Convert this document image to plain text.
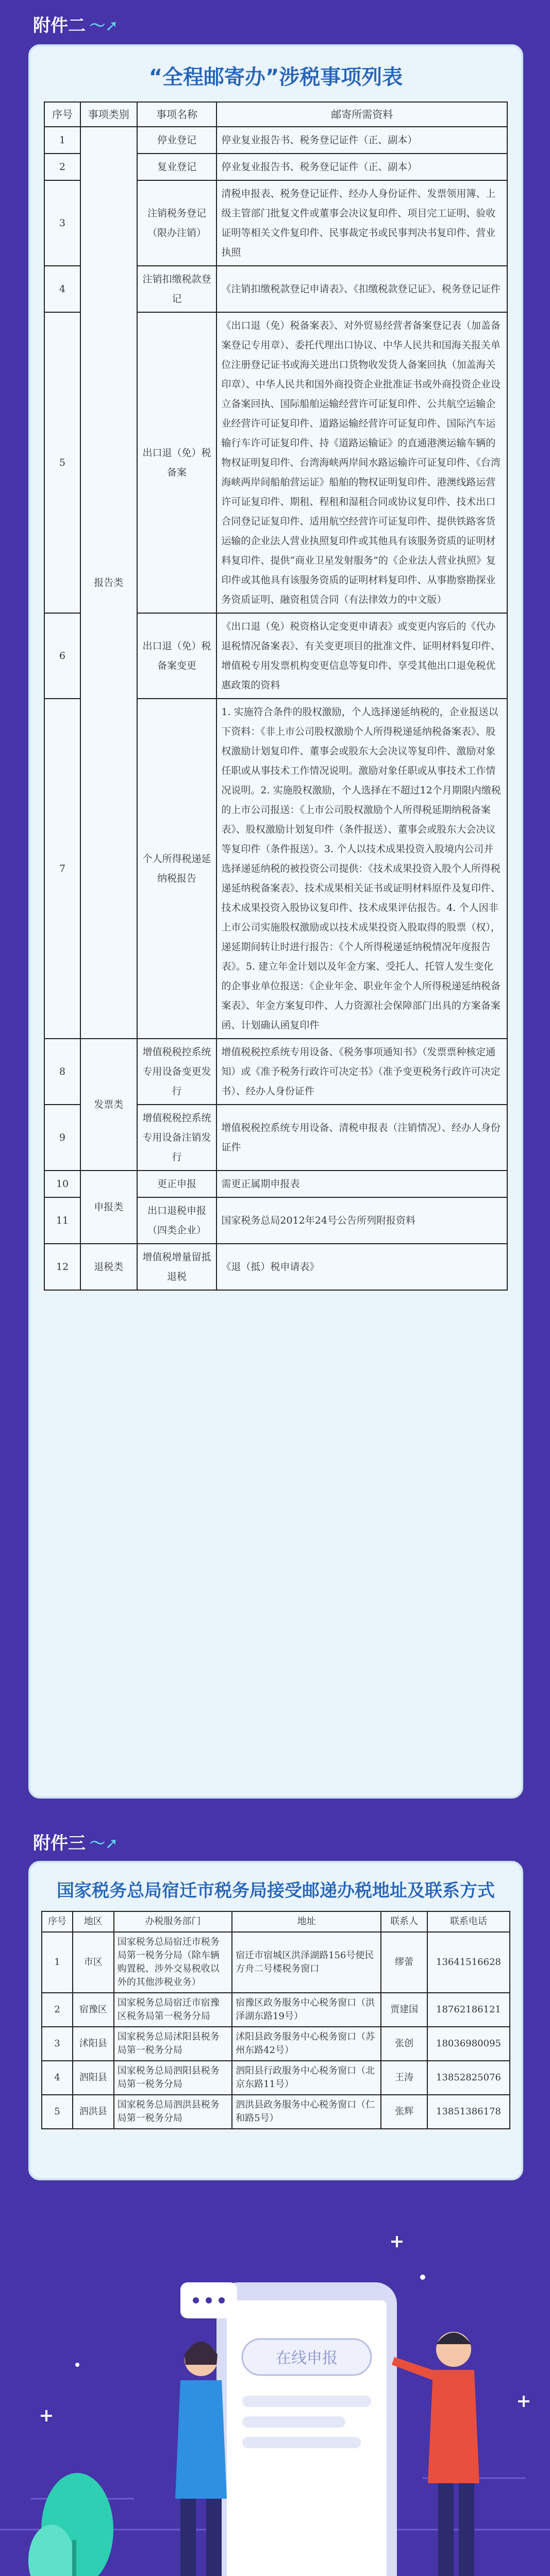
附件二 〜➚
“全程邮寄办”涉税事项列表
序号	事项类别	事项名称	邮寄所需资料
1	报告类	停业登记	停业复业报告书、税务登记证件（正、副本）
2		复业登记	停业复业报告书、税务登记证件（正、副本）
3		注销税务登记（限办注销）	清税申报表、税务登记证件、经办人身份证件、发票领用簿、上级主管部门批复文件或董事会决议复印件、项目完工证明、验收证明等相关文件复印件、民事裁定书或民事判决书复印件、营业执照
4		注销扣缴税款登记	《注销扣缴税款登记申请表》、《扣缴税款登记证》、税务登记证件
5		出口退（免）税备案	《出口退（免）税备案表》、对外贸易经营者备案登记表（加盖备案登记专用章）、委托代理出口协议、中华人民共和国海关报关单位注册登记证书或海关进出口货物收发货人备案回执（加盖海关印章）、中华人民共和国外商投资企业批准证书或外商投资企业设立备案回执、国际船舶运输经营许可证复印件、公共航空运输企业经营许可证复印件、道路运输经营许可证复印件、国际汽车运输行车许可证复印件、持《道路运输证》的直通港澳运输车辆的物权证明复印件、台湾海峡两岸间水路运输许可证复印件、《台湾海峡两岸间船舶营运证》船舶的物权证明复印件、港澳线路运营许可证复印件、期租、程租和湿租合同或协议复印件、技术出口合同登记证复印件、适用航空经营许可证复印件、提供铁路客货运输的企业法人营业执照复印件或其他具有该服务资质的证明材料复印件、提供“商业卫星发射服务”的《企业法人营业执照》复印件或其他具有该服务资质的证明材料复印件、从事勘察勘探业务资质证明、融资租赁合同（有法律效力的中文版）
6		出口退（免）税备案变更	《出口退（免）税资格认定变更申请表》或变更内容后的《代办退税情况备案表》、有关变更项目的批准文件、证明材料复印件、增值税专用发票机构变更信息等复印件、享受其他出口退免税优惠政策的资料
7		个人所得税递延纳税报告	1. 实施符合条件的股权激励，个人选择递延纳税的，企业报送以下资料：《非上市公司股权激励个人所得税递延纳税备案表》、股权激励计划复印件、董事会或股东大会决议等复印件、激励对象任职或从事技术工作情况说明。激励对象任职或从事技术工作情况说明。2. 实施股权激励，个人选择在不超过12个月期限内缴税的上市公司报送：《上市公司股权激励个人所得税延期纳税备案表》、股权激励计划复印件（条件报送）、董事会或股东大会决议等复印件（条件报送）。3. 个人以技术成果投资入股境内公司并选择递延纳税的被投资公司提供：《技术成果投资入股个人所得税递延纳税备案表》、技术成果相关证书或证明材料原件及复印件、技术成果投资入股协议复印件、技术成果评估报告。4. 个人因非上市公司实施股权激励或以技术成果投资入股取得的股票（权），递延期间转让时进行报告：《个人所得税递延纳税情况年度报告表》。5. 建立年金计划以及年金方案、受托人、托管人发生变化的企事业单位报送：《企业年金、职业年金个人所得税递延纳税备案表》、年金方案复印件、人力资源社会保障部门出具的方案备案函、计划确认函复印件
8	发票类	增值税税控系统专用设备变更发行	增值税税控系统专用设备、《税务事项通知书》（发票票种核定通知）或《准予税务行政许可决定书》（准予变更税务行政许可决定书）、经办人身份证件
9		增值税税控系统专用设备注销发行	增值税税控系统专用设备、清税申报表（注销情况）、经办人身份证件
10	申报类	更正申报	需更正属期申报表
11		出口退税申报（四类企业）	国家税务总局2012年24号公告所列附报资料
12	退税类	增值税增量留抵退税	《退（抵）税申请表》
附件三 〜➚
国家税务总局宿迁市税务局接受邮递办税地址及联系方式
序号	地区	办税服务部门	地址	联系人	联系电话
1	市区	国家税务总局宿迁市税务局第一税务分局（除车辆购置税、涉外交易税收以外的其他涉税业务）	宿迁市宿城区洪泽湖路156号便民方舟二号楼税务窗口	缪蕾	13641516628
2	宿豫区	国家税务总局宿迁市宿豫区税务局第一税务分局	宿豫区政务服务中心税务窗口（洪泽湖东路19号）	贾建国	18762186121
3	沭阳县	国家税务总局沭阳县税务局第一税务分局	沭阳县政务服务中心税务窗口（苏州东路42号）	张创	18036980095
4	泗阳县	国家税务总局泗阳县税务局第一税务分局	泗阳县行政服务中心税务窗口（北京东路11号）	王涛	13852825076
5	泗洪县	国家税务总局泗洪县税务局第一税务分局	泗洪县政务服务中心税务窗口（仁和路5号）	张辉	13851386178
在线申报
